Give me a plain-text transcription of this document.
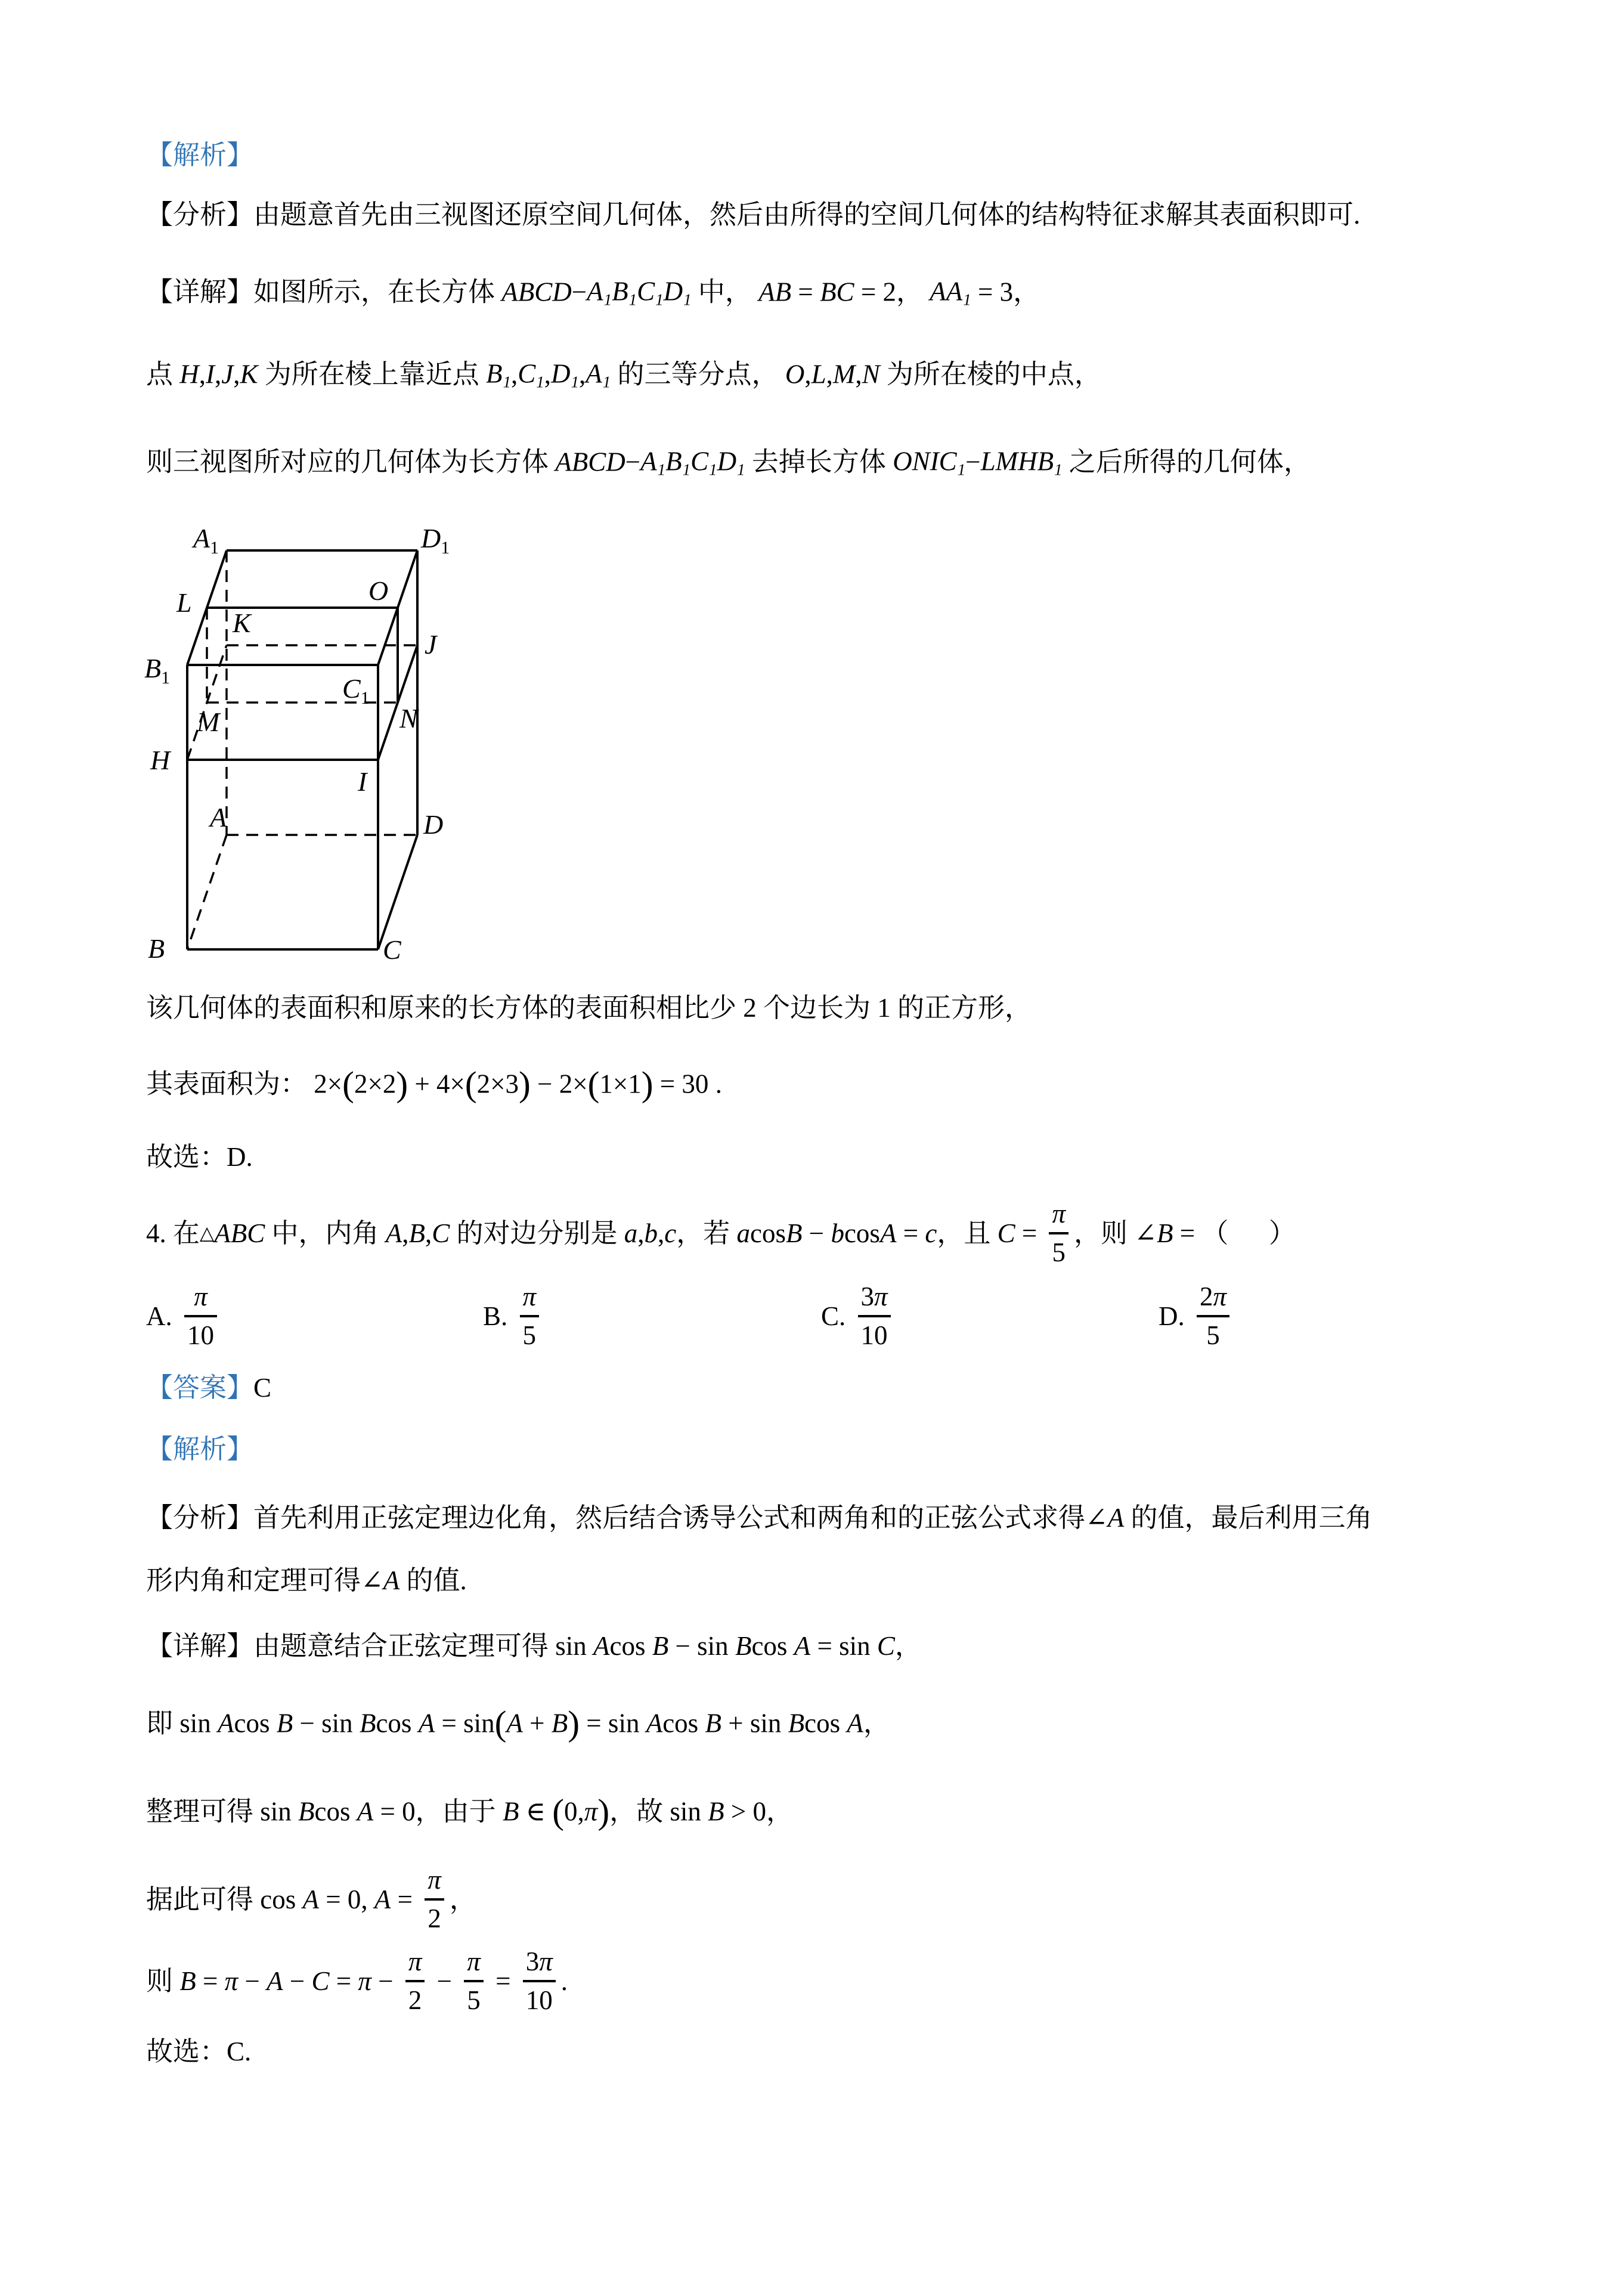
【解析】
【分析】由题意首先由三视图还原空间几何体，然后由所得的空间几何体的结构特征求解其表面积即可.
【详解】如图所示，在长方体 ABCD − A1 B1 C1 D1 中， AB = BC = 2 ， AA1 = 3 ，
点 H , I , J , K 为所在棱上靠近点 B1 , C1 , D1 , A1 的三等分点， O , L , M , N 为所在棱的中点，
则三视图所对应的几何体为长方体 ABCD − A1 B1 C1 D1 去掉长方体 ONIC1 − LMHB1 之后所得的几何体，
该几何体的表面积和原来的长方体的表面积相比少 2 个边长为 1 的正方形，
其表面积为： 2× ( 2×2 ) + 4× ( 2×3 ) − 2× ( 1×1 ) = 30 .
故选：D.
4. 在 △ ABC 中，内角 A , B , C 的对边分别是 a , b , c ，若 a cos B − b cos A = c ，且 $C = \frac{\pi}{5}$ ，则 ∠ B = （      ）
【答案】 C
【解析】
【分析】首先利用正弦定理边化角，然后结合诱导公式和两角和的正弦公式求得 ∠ A 的值，最后利用三角
形内角和定理可得 ∠ A 的值.
【详解】由题意结合正弦定理可得 sin A cos B − sin B cos A = sin C ，
即 sin A cos B − sin B cos A = sin ( A + B ) = sin A cos B + sin B cos A ，
整理可得 sin B cos A = 0 ，由于 B ∈ ( 0, π ) ，故 sin B > 0 ，
据此可得 cos A = 0, $A = \frac{\pi}{2}$ ，
则 $B = \pi - A - C = \pi - \frac{\pi}{2} - \frac{\pi}{5} = \frac{3\pi}{10}$ .
故选：C.
A. $\frac{\pi}{10}$	B. $\frac{\pi}{5}$	C. $\frac{3\pi}{10}$	D. $\frac{2\pi}{5}$
$A_1$	$D_1$
L	O
K
$B_1$
J
$C_1$
M	N
H
I
A	D
B	C
